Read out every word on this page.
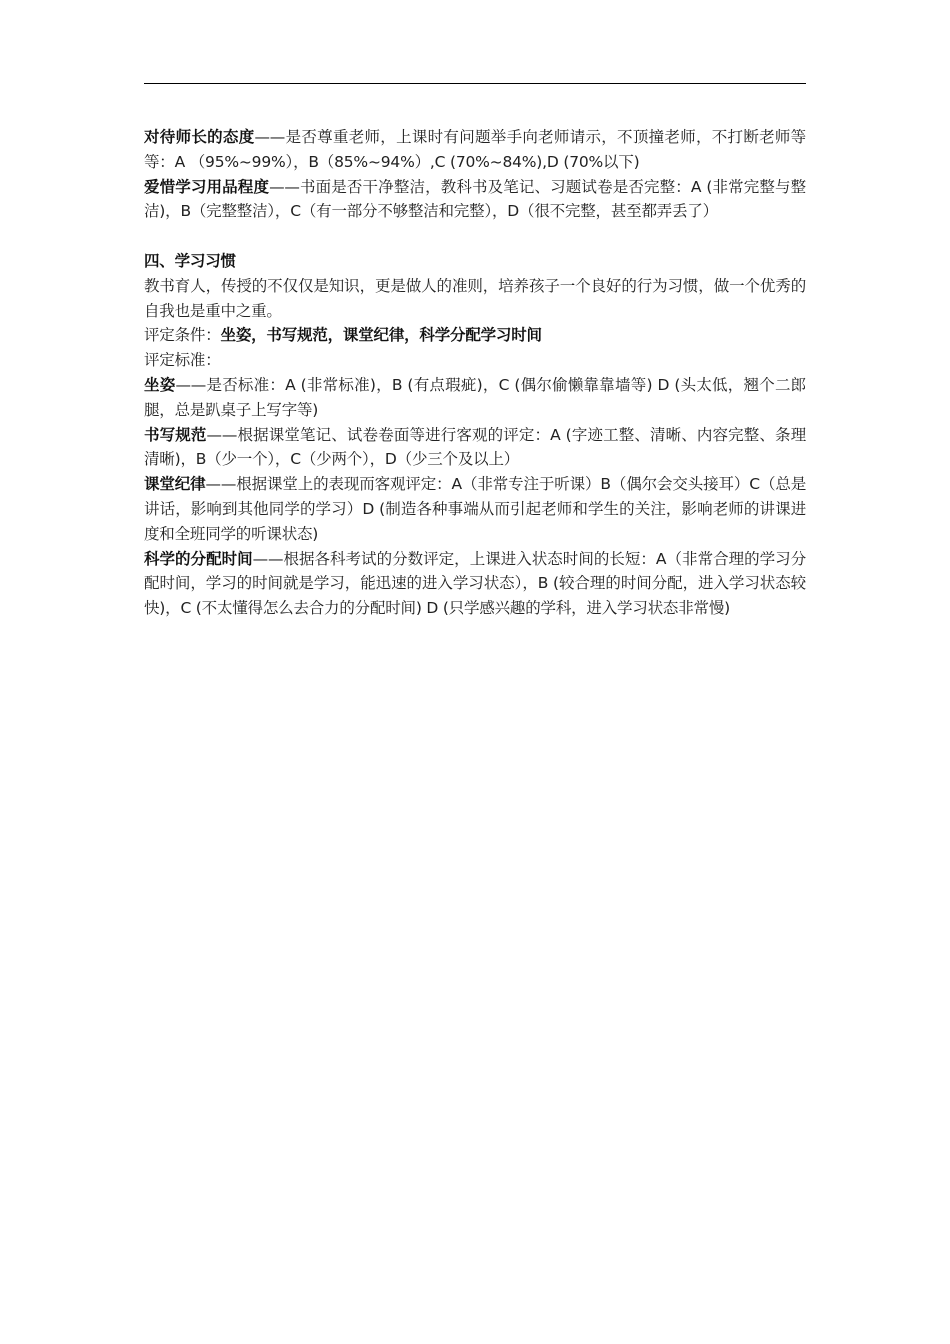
对待师长的态度——是否尊重老师，上课时有问题举手向老师请示，不顶撞老师，不打断老师等等：A （95%~99%），B（85%~94%）,C (70%~84%),D (70%以下)

爱惜学习用品程度——书面是否干净整洁，教科书及笔记、习题试卷是否完整：A (非常完整与整洁)，B（完整整洁），C（有一部分不够整洁和完整），D（很不完整，甚至都弄丢了）

四、学习习惯

教书育人，传授的不仅仅是知识，更是做人的准则，培养孩子一个良好的行为习惯，做一个优秀的自我也是重中之重。

评定条件：坐姿，书写规范，课堂纪律，科学分配学习时间

评定标准：

坐姿——是否标准：A (非常标准)，B (有点瑕疵)，C (偶尔偷懒靠靠墙等) D (头太低，翘个二郎腿，总是趴桌子上写字等)

书写规范——根据课堂笔记、试卷卷面等进行客观的评定：A (字迹工整、清晰、内容完整、条理清晰)，B（少一个），C（少两个），D（少三个及以上）

课堂纪律——根据课堂上的表现而客观评定：A（非常专注于听课）B（偶尔会交头接耳）C（总是讲话，影响到其他同学的学习）D (制造各种事端从而引起老师和学生的关注，影响老师的讲课进度和全班同学的听课状态)

科学的分配时间——根据各科考试的分数评定，上课进入状态时间的长短：A（非常合理的学习分配时间，学习的时间就是学习，能迅速的进入学习状态），B (较合理的时间分配，进入学习状态较快)，C (不太懂得怎么去合力的分配时间) D (只学感兴趣的学科，进入学习状态非常慢)
